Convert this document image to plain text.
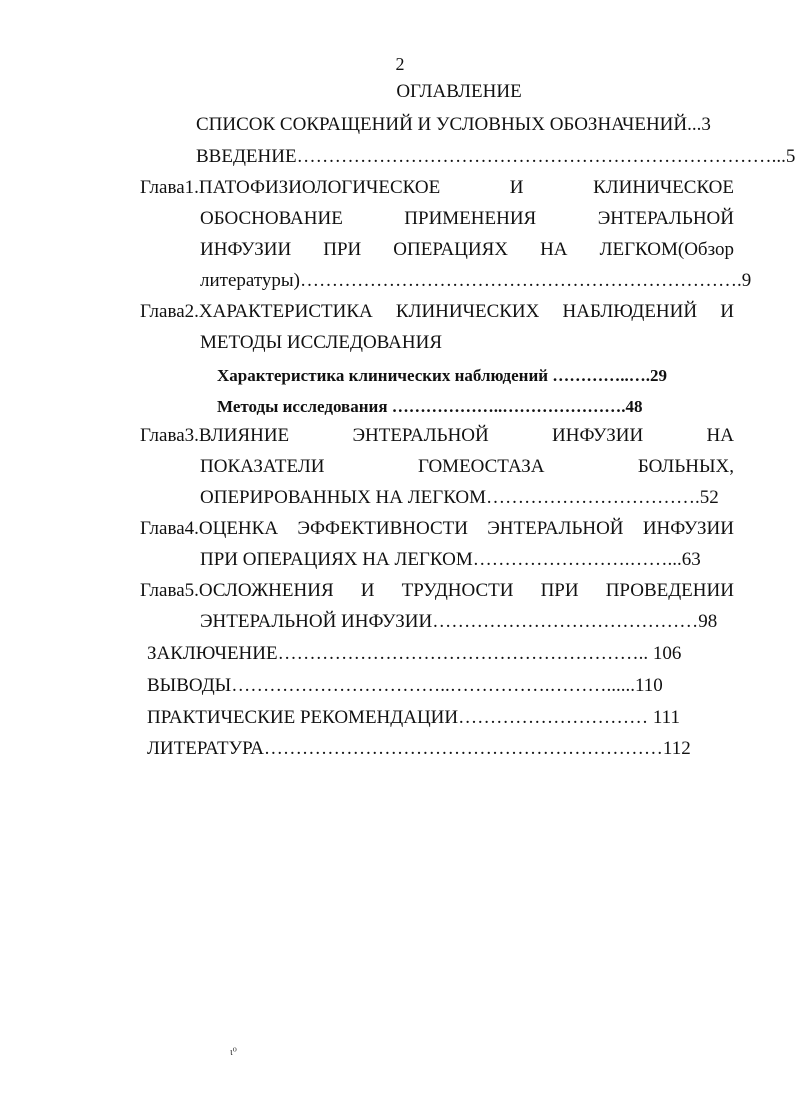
2
ОГЛАВЛЕНИЕ
СПИСОК СОКРАЩЕНИЙ И УСЛОВНЫХ ОБОЗНАЧЕНИЙ...3
ВВЕДЕНИЕ…………………………………………………………………...5
Глава1.ПАТОФИЗИОЛОГИЧЕСКОЕ	И	КЛИНИЧЕСКОЕ
ОБОСНОВАНИЕ	ПРИМЕНЕНИЯ	ЭНТЕРАЛЬНОЙ
ИНФУЗИИ ПРИ ОПЕРАЦИЯХ НА ЛЕГКОМ(Обзор
литературы)…………………………………………………………….9
Глава2.ХАРАКТЕРИСТИКА КЛИНИЧЕСКИХ НАБЛЮДЕНИЙ И
МЕТОДЫ ИССЛЕДОВАНИЯ
Характеристика клинических наблюдений …………..….29
Методы исследования ………………..………………….48
Глава3.ВЛИЯНИЕ	ЭНТЕРАЛЬНОЙ	ИНФУЗИИ	НА
ПОКАЗАТЕЛИ	ГОМЕОСТАЗА	БОЛЬНЫХ,
ОПЕРИРОВАННЫХ НА ЛЕГКОМ…………………………….52
Глава4.ОЦЕНКА ЭФФЕКТИВНОСТИ ЭНТЕРАЛЬНОЙ ИНФУЗИИ
ПРИ ОПЕРАЦИЯХ НА ЛЕГКОМ…………………….……...63
Глава5.ОСЛОЖНЕНИЯ И ТРУДНОСТИ ПРИ ПРОВЕДЕНИИ
ЭНТЕРАЛЬНОЙ ИНФУЗИИ……………………………………98
ЗАКЛЮЧЕНИЕ………………………………………………….. 106
ВЫВОДЫ……………………………..…………….………......110
ПРАКТИЧЕСКИЕ РЕКОМЕНДАЦИИ………………………… 111
ЛИТЕРАТУРА………………………………………………………112
ι⁰
